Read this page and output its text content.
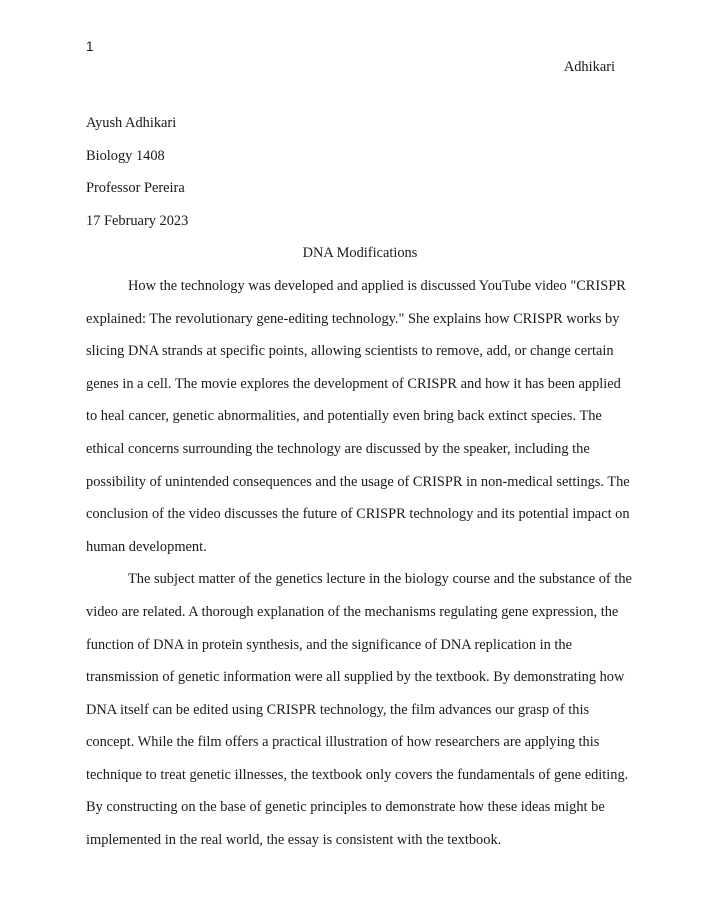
1
Adhikari

Ayush Adhikari

Biology 1408

Professor Pereira

17 February 2023

DNA Modifications

How the technology was developed and applied is discussed YouTube video "CRISPR explained: The revolutionary gene-editing technology." She explains how CRISPR works by slicing DNA strands at specific points, allowing scientists to remove, add, or change certain genes in a cell. The movie explores the development of CRISPR and how it has been applied to heal cancer, genetic abnormalities, and potentially even bring back extinct species. The ethical concerns surrounding the technology are discussed by the speaker, including the possibility of unintended consequences and the usage of CRISPR in non-medical settings. The conclusion of the video discusses the future of CRISPR technology and its potential impact on human development.

The subject matter of the genetics lecture in the biology course and the substance of the video are related. A thorough explanation of the mechanisms regulating gene expression, the function of DNA in protein synthesis, and the significance of DNA replication in the transmission of genetic information were all supplied by the textbook. By demonstrating how DNA itself can be edited using CRISPR technology, the film advances our grasp of this concept. While the film offers a practical illustration of how researchers are applying this technique to treat genetic illnesses, the textbook only covers the fundamentals of gene editing. By constructing on the base of genetic principles to demonstrate how these ideas might be implemented in the real world, the essay is consistent with the textbook.
